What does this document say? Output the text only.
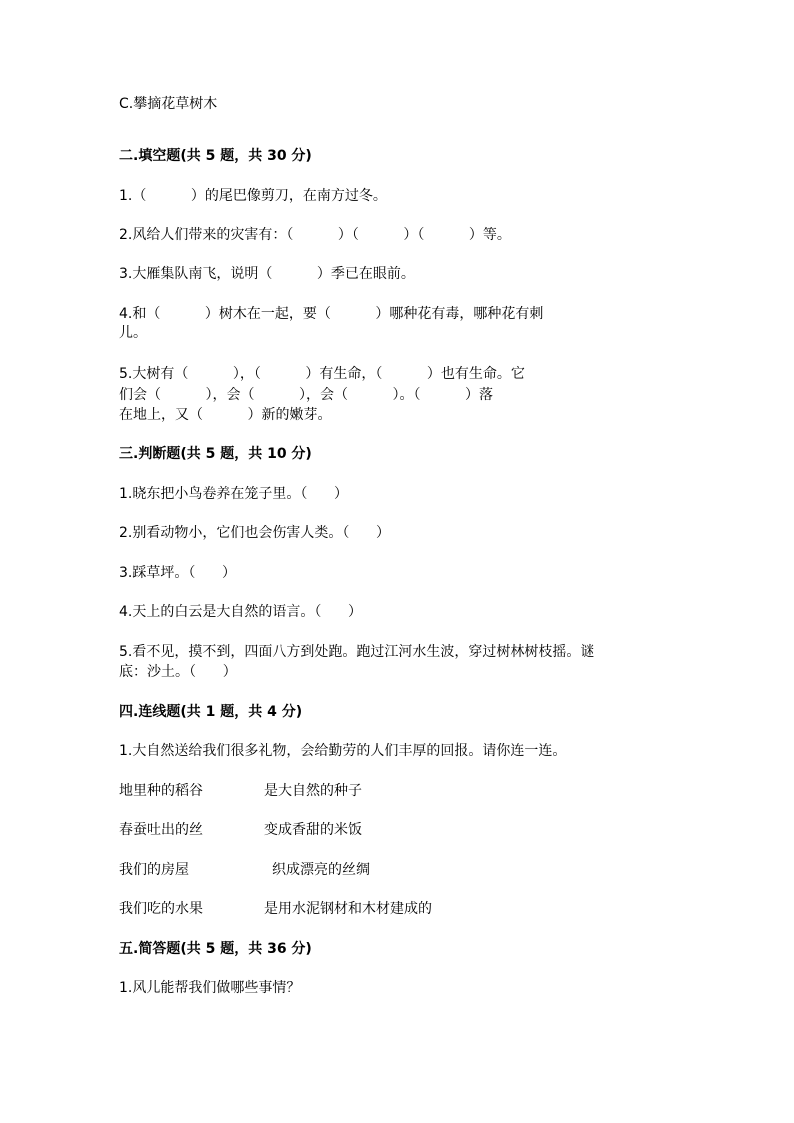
C.攀摘花草树木
二.填空题(共 5 题，共 30 分)
1.（          ）的尾巴像剪刀，在南方过冬。
2.风给人们带来的灾害有：（          ）（          ）（          ）等。
3.大雁集队南飞，说明（          ）季已在眼前。
4.和（          ）树木在一起，要（          ）哪种花有毒，哪种花有刺
儿。
5.大树有（          ），（          ）有生命，（          ）也有生命。它
们会（          ），会（          ），会（          ）。（          ）落
在地上，又（          ）新的嫩芽。
三.判断题(共 5 题，共 10 分)
1.晓东把小鸟卷养在笼子里。（      ）
2.别看动物小，它们也会伤害人类。（      ）
3.踩草坪。（      ）
4.天上的白云是大自然的语言。（      ）
5.看不见，摸不到，四面八方到处跑。跑过江河水生波，穿过树林树枝摇。谜
底：沙土。（      ）
四.连线题(共 1 题，共 4 分)
1.大自然送给我们很多礼物，会给勤劳的人们丰厚的回报。请你连一连。
地里种的稻谷	是大自然的种子
春蚕吐出的丝	变成香甜的米饭
我们的房屋	织成漂亮的丝绸
我们吃的水果	是用水泥钢材和木材建成的
五.简答题(共 5 题，共 36 分)
1.风儿能帮我们做哪些事情？
